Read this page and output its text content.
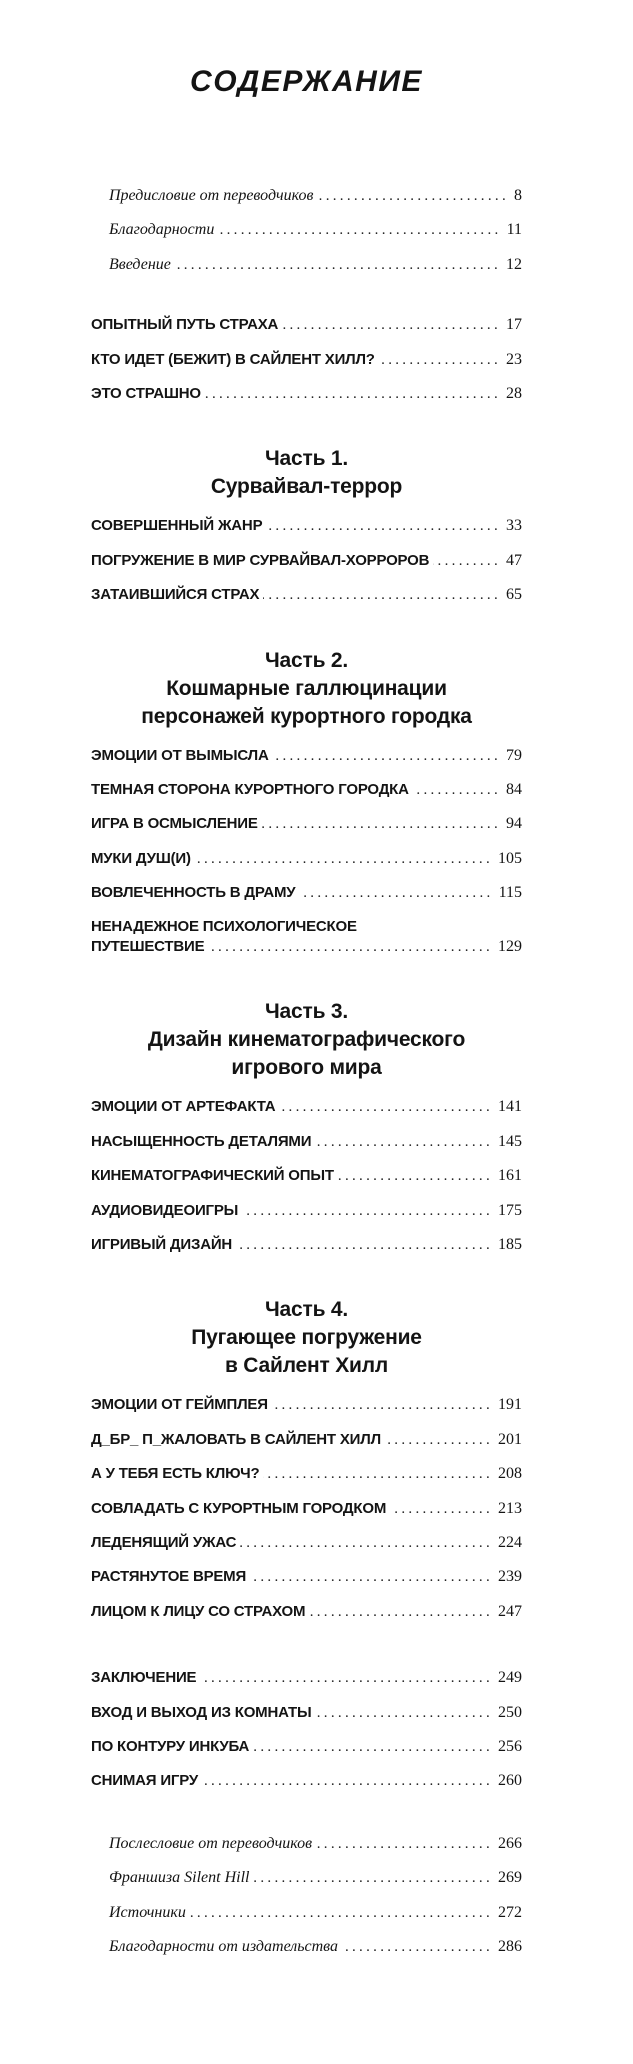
СОДЕРЖАНИЕ
Предисловие от переводчиков .....	8
Благодарности .....	11
Введение .....	12
ОПЫТНЫЙ ПУТЬ СТРАХА .....	17
КТО ИДЕТ (БЕЖИТ) В САЙЛЕНТ ХИЛЛ? .....	23
ЭТО СТРАШНО .....	28
Часть 1.
Сурвайвал-террор
СОВЕРШЕННЫЙ ЖАНР .....	33
ПОГРУЖЕНИЕ В МИР СУРВАЙВАЛ-ХОРРОРОВ .....	47
ЗАТАИВШИЙСЯ СТРАХ .....	65
Часть 2.
Кошмарные галлюцинации
персонажей курортного городка
ЭМОЦИИ ОТ ВЫМЫСЛА .....	79
ТЕМНАЯ СТОРОНА КУРОРТНОГО ГОРОДКА .....	84
ИГРА В ОСМЫСЛЕНИЕ .....	94
МУКИ ДУШ(И) .....	105
ВОВЛЕЧЕННОСТЬ В ДРАМУ .....	115
НЕНАДЕЖНОЕ ПСИХОЛОГИЧЕСКОЕ
ПУТЕШЕСТВИЕ .....	129
Часть 3.
Дизайн кинематографического
игрового мира
ЭМОЦИИ ОТ АРТЕФАКТА .....	141
НАСЫЩЕННОСТЬ ДЕТАЛЯМИ .....	145
КИНЕМАТОГРАФИЧЕСКИЙ ОПЫТ .....	161
АУДИОВИДЕОИГРЫ .....	175
ИГРИВЫЙ ДИЗАЙН .....	185
Часть 4.
Пугающее погружение
в Сайлент Хилл
ЭМОЦИИ ОТ ГЕЙМПЛЕЯ .....	191
Д_БР_ П_ЖАЛОВАТЬ В САЙЛЕНТ ХИЛЛ .....	201
А У ТЕБЯ ЕСТЬ КЛЮЧ? .....	208
СОВЛАДАТЬ С КУРОРТНЫМ ГОРОДКОМ .....	213
ЛЕДЕНЯЩИЙ УЖАС .....	224
РАСТЯНУТОЕ ВРЕМЯ .....	239
ЛИЦОМ К ЛИЦУ СО СТРАХОМ .....	247
ЗАКЛЮЧЕНИЕ .....	249
ВХОД И ВЫХОД ИЗ КОМНАТЫ .....	250
ПО КОНТУРУ ИНКУБА .....	256
СНИМАЯ ИГРУ .....	260
Послесловие от переводчиков .....	266
Франшиза Silent Hill .....	269
Источники .....	272
Благодарности от издательства .....	286
